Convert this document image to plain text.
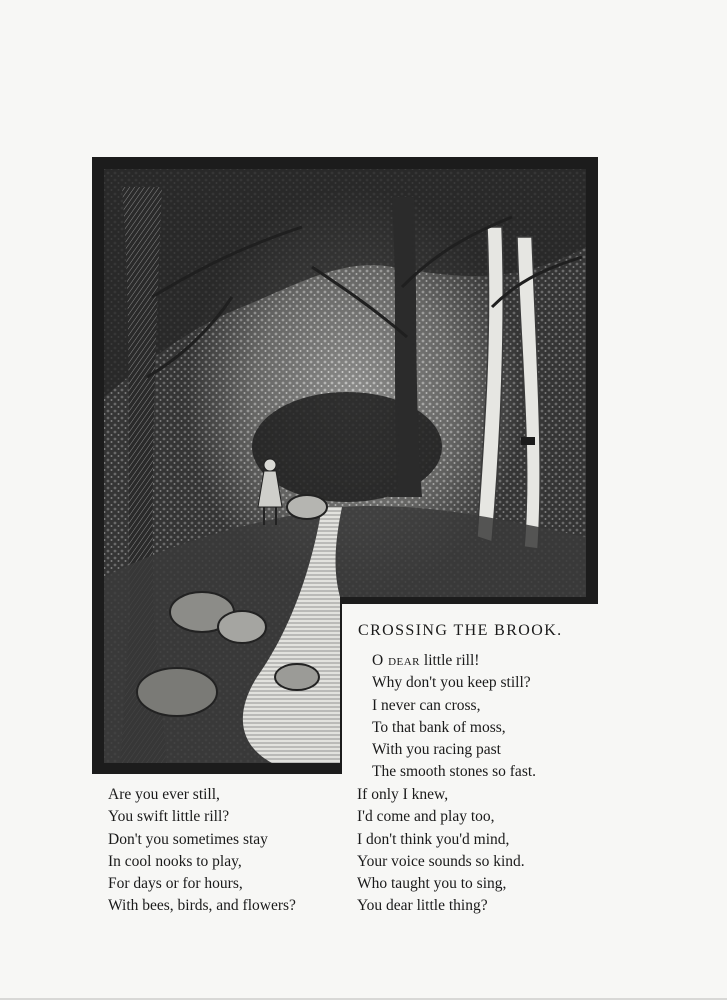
CROSSING THE BROOK.
O dear little rill!
Why don't you keep still?
I never can cross,
To that bank of moss,
With you racing past
The smooth stones so fast.
Are you ever still,
You swift little rill?
Don't you sometimes stay
In cool nooks to play,
For days or for hours,
With bees, birds, and flowers?
If only I knew,
I'd come and play too,
I don't think you'd mind,
Your voice sounds so kind.
Who taught you to sing,
You dear little thing?
